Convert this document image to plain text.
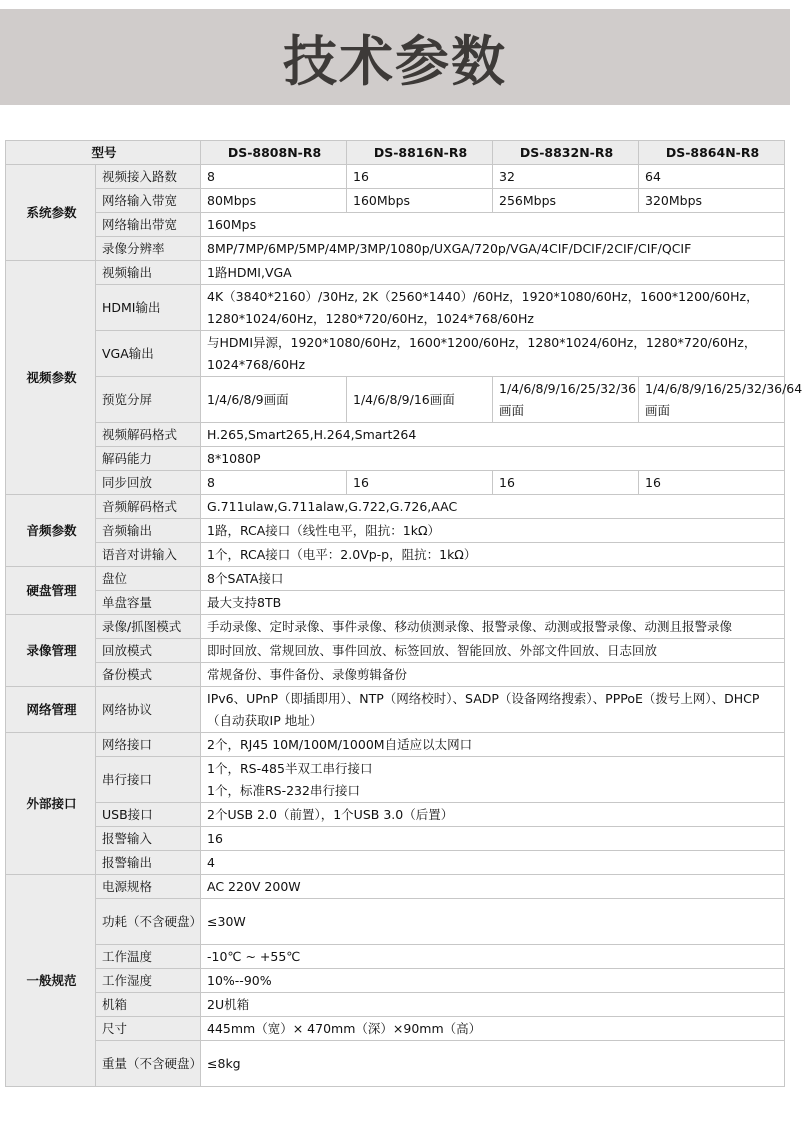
技术参数
型号		DS-8808N-R8	DS-8816N-R8	DS-8832N-R8	DS-8864N-R8
系统参数	视频接入路数	8	16	32	64
	网络输入带宽	80Mbps	160Mbps	256Mbps	320Mbps
	网络输出带宽	160Mps			
	录像分辨率	8MP/7MP/6MP/5MP/4MP/3MP/1080p/UXGA/720p/VGA/4CIF/DCIF/2CIF/CIF/QCIF			
视频参数	视频输出	1路HDMI,VGA			
	HDMI输出	4K（3840*2160）/30Hz, 2K（2560*1440）/60Hz，1920*1080/60Hz，1600*1200/60Hz，1280*1024/60Hz，1280*720/60Hz，1024*768/60Hz			
	VGA输出	与HDMI异源，1920*1080/60Hz，1600*1200/60Hz，1280*1024/60Hz，1280*720/60Hz，1024*768/60Hz			
	预览分屏	1/4/6/8/9画面	1/4/6/8/9/16画面	1/4/6/8/9/16/25/32/36画面	1/4/6/8/9/16/25/32/36/64画面
	视频解码格式	H.265,Smart265,H.264,Smart264			
	解码能力	8*1080P			
	同步回放	8	16	16	16
音频参数	音频解码格式	G.711ulaw,G.711alaw,G.722,G.726,AAC			
	音频输出	1路，RCA接口（线性电平，阻抗：1kΩ）			
	语音对讲输入	1个，RCA接口（电平：2.0Vp-p，阻抗：1kΩ）			
硬盘管理	盘位	8个SATA接口			
	单盘容量	最大支持8TB			
录像管理	录像/抓图模式	手动录像、定时录像、事件录像、移动侦测录像、报警录像、动测或报警录像、动测且报警录像			
	回放模式	即时回放、常规回放、事件回放、标签回放、智能回放、外部文件回放、日志回放			
	备份模式	常规备份、事件备份、录像剪辑备份			
网络管理	网络协议	IPv6、UPnP（即插即用）、NTP（网络校时）、SADP（设备网络搜索）、PPPoE（拨号上网）、DHCP（自动获取IP 地址）			
外部接口	网络接口	2个，RJ45 10M/100M/1000M自适应以太网口			
	串行接口	1个，RS-485半双工串行接口
1个，标准RS-232串行接口			

	USB接口	2个USB 2.0（前置），1个USB 3.0（后置）			
	报警输入	16			
	报警输出	4			
一般规范	电源规格	AC 220V 200W			
	功耗（不含硬盘）	≤30W			
	工作温度	-10℃ ~ +55℃			
	工作湿度	10%--90%			
	机箱	2U机箱			
	尺寸	445mm（宽）× 470mm（深）×90mm（高）			
	重量（不含硬盘）	≤8kg			
